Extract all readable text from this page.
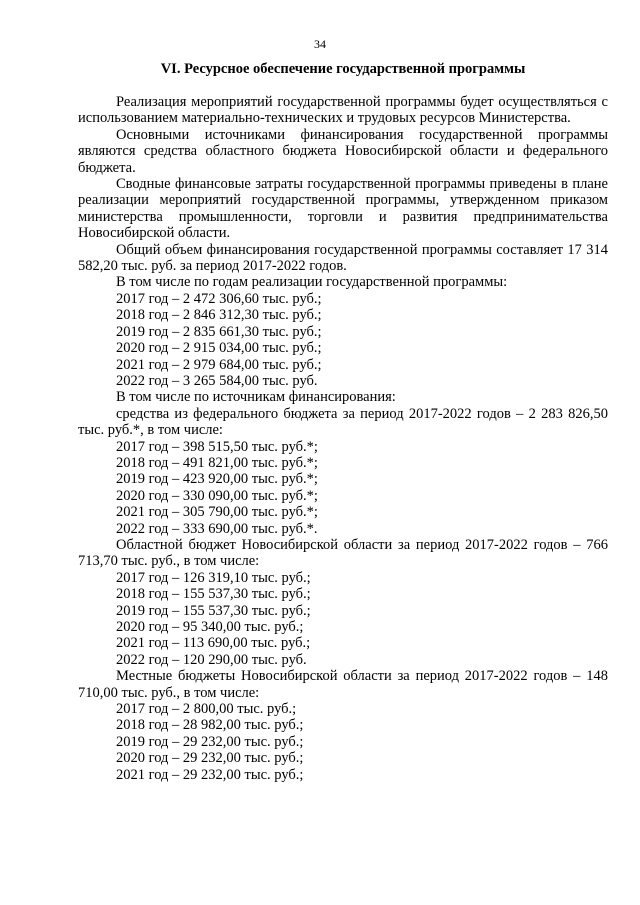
34
VI. Ресурсное обеспечение государственной программы

Реализация мероприятий государственной программы будет осуществляться с использованием материально-технических и трудовых ресурсов Министерства.

Основными источниками финансирования государственной программы являются средства областного бюджета Новосибирской области и федерального бюджета.

Сводные финансовые затраты государственной программы приведены в плане реализации мероприятий государственной программы, утвержденном приказом министерства промышленности, торговли и развития предпринимательства Новосибирской области.

Общий объем финансирования государственной программы составляет 17 314 582,20 тыс. руб. за период 2017-2022 годов.

В том числе по годам реализации государственной программы:

2017 год – 2 472 306,60 тыс. руб.;

2018 год – 2 846 312,30 тыс. руб.;

2019 год – 2 835 661,30 тыс. руб.;

2020 год – 2 915 034,00 тыс. руб.;

2021 год – 2 979 684,00 тыс. руб.;

2022 год – 3 265 584,00 тыс. руб.

В том числе по источникам финансирования:

средства из федерального бюджета за период 2017-2022 годов – 2 283 826,50 тыс. руб.*, в том числе:

2017 год – 398 515,50 тыс. руб.*;

2018 год – 491 821,00 тыс. руб.*;

2019 год – 423 920,00 тыс. руб.*;

2020 год – 330 090,00 тыс. руб.*;

2021 год – 305 790,00 тыс. руб.*;

2022 год – 333 690,00 тыс. руб.*.

Областной бюджет Новосибирской области за период 2017-2022 годов – 766 713,70 тыс. руб., в том числе:

2017 год – 126 319,10 тыс. руб.;

2018 год – 155 537,30 тыс. руб.;

2019 год – 155 537,30 тыс. руб.;

2020 год – 95 340,00 тыс. руб.;

2021 год – 113 690,00 тыс. руб.;

2022 год – 120 290,00 тыс. руб.

Местные бюджеты Новосибирской области за период 2017-2022 годов – 148 710,00 тыс. руб., в том числе:

2017 год – 2 800,00 тыс. руб.;

2018 год – 28 982,00 тыс. руб.;

2019 год – 29 232,00 тыс. руб.;

2020 год – 29 232,00 тыс. руб.;

2021 год – 29 232,00 тыс. руб.;
